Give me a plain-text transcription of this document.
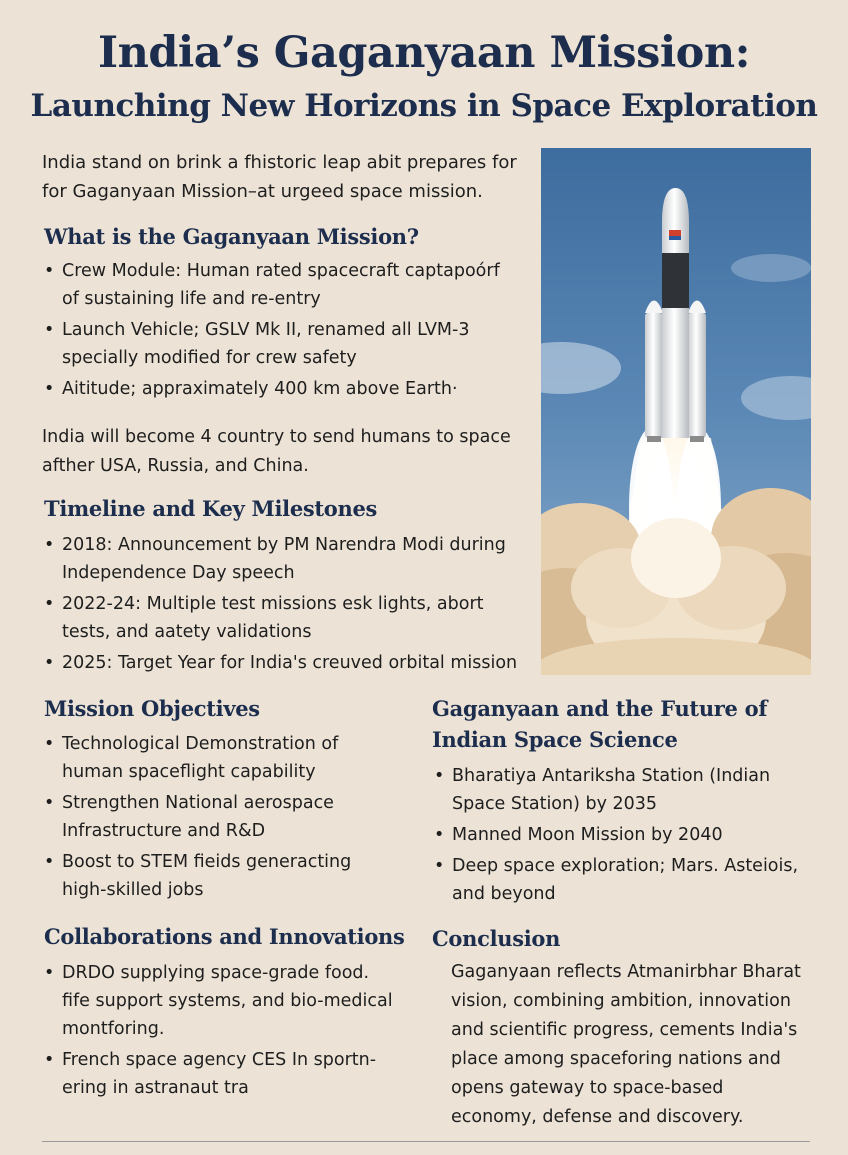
India’s Gaganyaan Mission:
Launching New Horizons in Space Exploration

India stand on brink a fhistoric leap abit prepares for
for Gaganyaan Mission–at urgeed space mission.

What is the Gaganyaan Mission?
• Crew Module: Human rated spacecraft captapoórf of sustaining life and re-entry
• Launch Vehicle; GSLV Mk II, renamed all LVM-3 specially modified for crew safety
• Aititude; appraximately 400 km above Earth·

India will become 4 country to send humans to space afther USA, Russia, and China.

Timeline and Key Milestones
• 2018: Announcement by PM Narendra Modi during Independence Day speech
• 2022-24: Multiple test missions esk lights, abort tests, and aatety validations
• 2025: Target Year for India's creuved orbital mission
Mission Objectives
• Technological Demonstration of human spaceflight capability
• Strengthen National aerospace Infrastructure and R&D
• Boost to STEM fieids generacting high-skilled jobs
Gaganyaan and the Future of Indian Space Science
• Bharatiya Antariksha Station (Indian Space Station) by 2035
• Manned Moon Mission by 2040
• Deep space exploration; Mars. Asteiois, and beyond
Collaborations and Innovations
• DRDO supplying space-grade food. fife support systems, and bio-medical montforing.
• French space agency CES In sportn-ering in astranaut tra
Conclusion

Gaganyaan reflects Atmanirbhar Bharat vision, combining ambition, innovation and scientific progress, cements India's place among spaceforing nations and opens gateway to space-based economy, defense and discovery.
